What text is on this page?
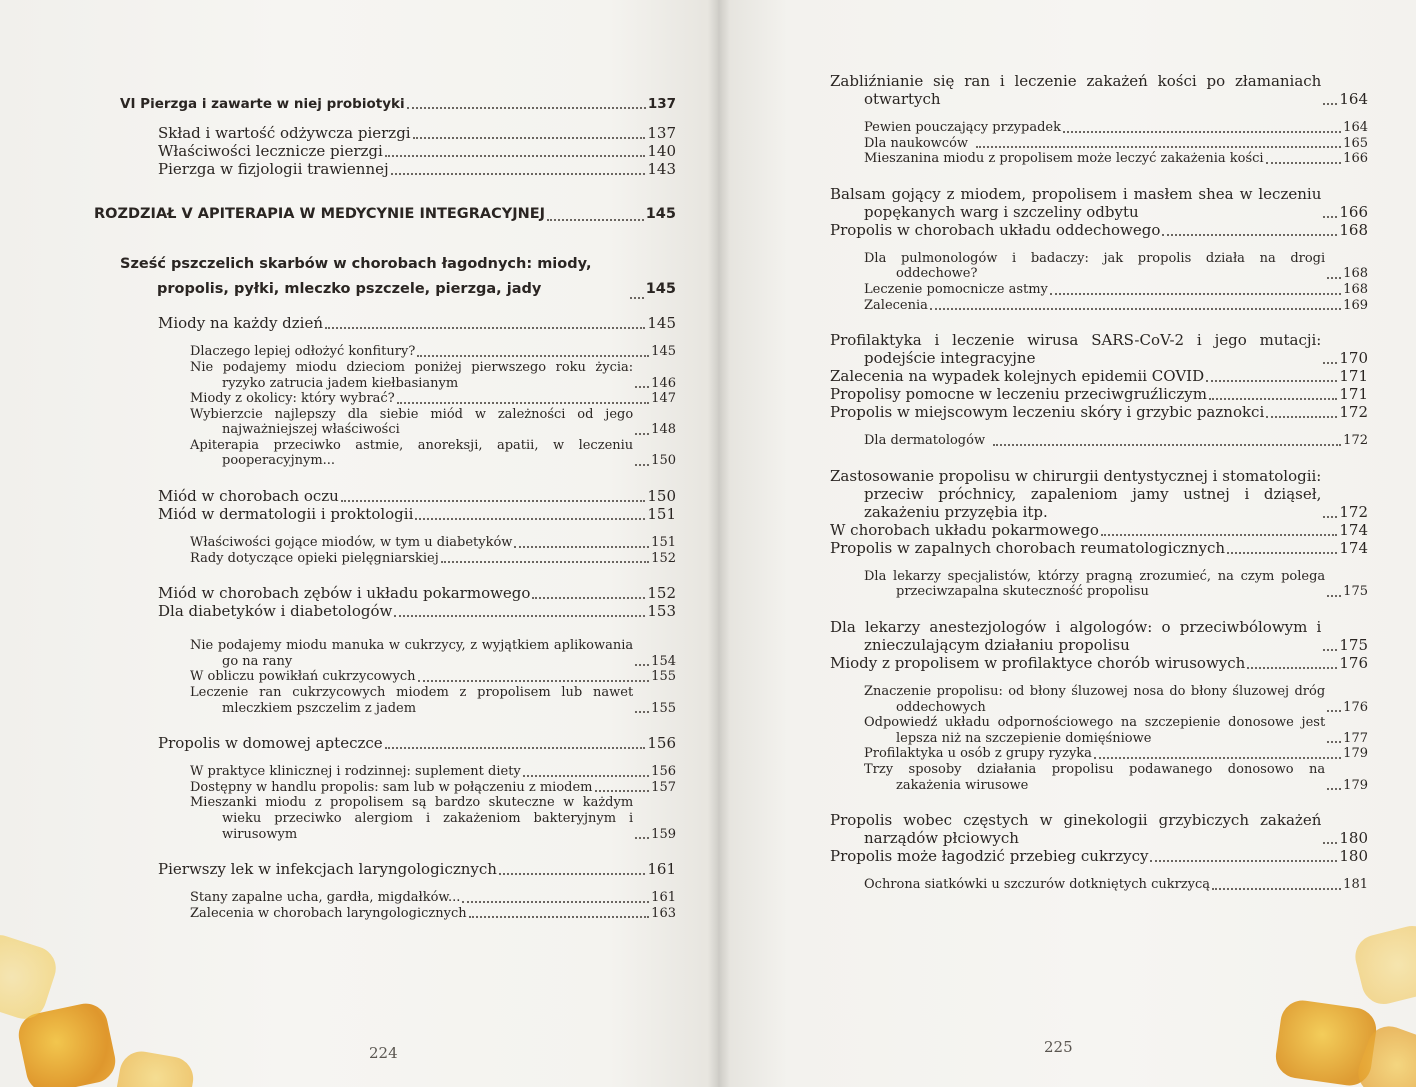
VI Pierzga i zawarte w niej probiotyki	137
Skład i wartość odżywcza pierzgi	137
Właściwości lecznicze pierzgi	140
Pierzga w fizjologii trawiennej	143
ROZDZIAŁ V APITERAPIA W MEDYCYNIE INTEGRACYJNEJ	145
Sześć pszczelich skarbów w chorobach łagodnych: miody, propolis, pyłki, mleczko pszczele, pierzga, jady	145
Miody na każdy dzień	145
Dlaczego lepiej odłożyć konfitury?	145
Nie podajemy miodu dzieciom poniżej pierwszego roku życia: ryzyko zatrucia jadem kiełbasianym	146
Miody z okolicy: który wybrać?	147
Wybierzcie najlepszy dla siebie miód w zależności od jego najważniejszej właściwości	148
Apiterapia przeciwko astmie, anoreksji, apatii, w leczeniu pooperacyjnym...	150
Miód w chorobach oczu	150
Miód w dermatologii i proktologii	151
Właściwości gojące miodów, w tym u diabetyków	151
Rady dotyczące opieki pielęgniarskiej	152
Miód w chorobach zębów i układu pokarmowego	152
Dla diabetyków i diabetologów	153
Nie podajemy miodu manuka w cukrzycy, z wyjątkiem aplikowania go na rany	154
W obliczu powikłań cukrzycowych	155
Leczenie ran cukrzycowych miodem z propolisem lub nawet mleczkiem pszczelim z jadem	155
Propolis w domowej apteczce	156
W praktyce klinicznej i rodzinnej: suplement diety	156
Dostępny w handlu propolis: sam lub w połączeniu z miodem	157
Mieszanki miodu z propolisem są bardzo skuteczne w każdym wieku przeciwko alergiom i zakażeniom bakteryjnym i wirusowym	159
Pierwszy lek w infekcjach laryngologicznych	161
Stany zapalne ucha, gardła, migdałków...	161
Zalecenia w chorobach laryngologicznych	163
224
Zabliźnianie się ran i leczenie zakażeń kości po złamaniach otwartych	164
Pewien pouczający przypadek	164
Dla naukowców	165
Mieszanina miodu z propolisem może leczyć zakażenia kości	166
Balsam gojący z miodem, propolisem i masłem shea w leczeniu popękanych warg i szczeliny odbytu	166
Propolis w chorobach układu oddechowego	168
Dla pulmonologów i badaczy: jak propolis działa na drogi oddechowe?	168
Leczenie pomocnicze astmy	168
Zalecenia	169
Profilaktyka i leczenie wirusa SARS-CoV-2 i jego mutacji: podejście integracyjne	170
Zalecenia na wypadek kolejnych epidemii COVID	171
Propolisy pomocne w leczeniu przeciwgruźliczym	171
Propolis w miejscowym leczeniu skóry i grzybic paznokci	172
Dla dermatologów	172
Zastosowanie propolisu w chirurgii dentystycznej i stomatologii: przeciw próchnicy, zapaleniom jamy ustnej i dziąseł, zakażeniu przyzębia itp.	172
W chorobach układu pokarmowego	174
Propolis w zapalnych chorobach reumatologicznych	174
Dla lekarzy specjalistów, którzy pragną zrozumieć, na czym polega przeciwzapalna skuteczność propolisu	175
Dla lekarzy anestezjologów i algologów: o przeciwbólowym i znieczulającym działaniu propolisu	175
Miody z propolisem w profilaktyce chorób wirusowych	176
Znaczenie propolisu: od błony śluzowej nosa do błony śluzowej dróg oddechowych	176
Odpowiedź układu odpornościowego na szczepienie donosowe jest lepsza niż na szczepienie domięśniowe	177
Profilaktyka u osób z grupy ryzyka	179
Trzy sposoby działania propolisu podawanego donosowo na zakażenia wirusowe	179
Propolis wobec częstych w ginekologii grzybiczych zakażeń narządów płciowych	180
Propolis może łagodzić przebieg cukrzycy	180
Ochrona siatkówki u szczurów dotkniętych cukrzycą	181
225
